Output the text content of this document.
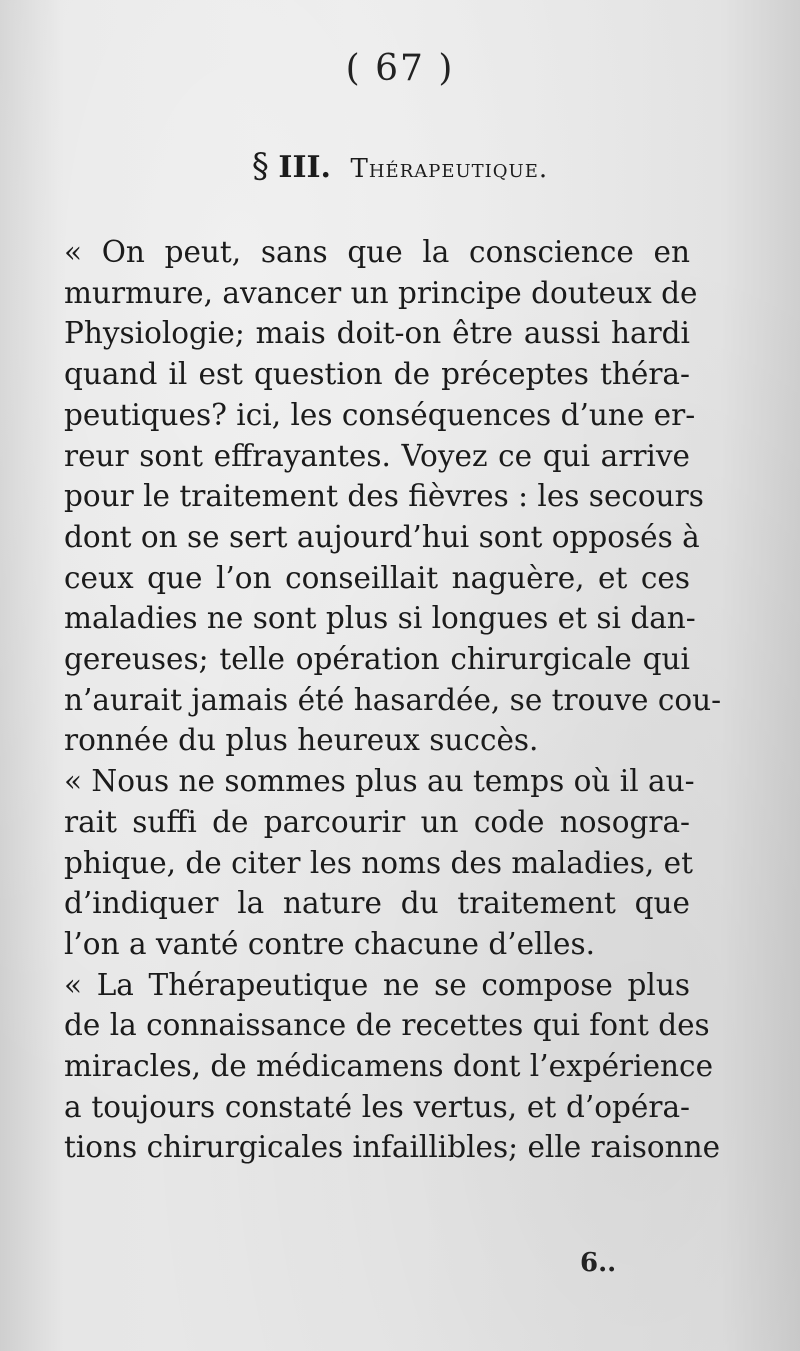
( 67 )
§ III. Thérapeutique.
« On peut, sans que la conscience en
murmure, avancer un principe douteux de
Physiologie; mais doit-on être aussi hardi
quand il est question de préceptes théra-
peutiques? ici, les conséquences d’une er-
reur sont effrayantes. Voyez ce qui arrive
pour le traitement des fièvres : les secours
dont on se sert aujourd’hui sont opposés à
ceux que l’on conseillait naguère, et ces
maladies ne sont plus si longues et si dan-
gereuses; telle opération chirurgicale qui
n’aurait jamais été hasardée, se trouve cou-
ronnée du plus heureux succès.
« Nous ne sommes plus au temps où il au-
rait suffi de parcourir un code nosogra-
phique, de citer les noms des maladies, et
d’indiquer la nature du traitement que
l’on a vanté contre chacune d’elles.
« La Thérapeutique ne se compose plus
de la connaissance de recettes qui font des
miracles, de médicamens dont l’expérience
a toujours constaté les vertus, et d’opéra-
tions chirurgicales infaillibles; elle raisonne
6..
